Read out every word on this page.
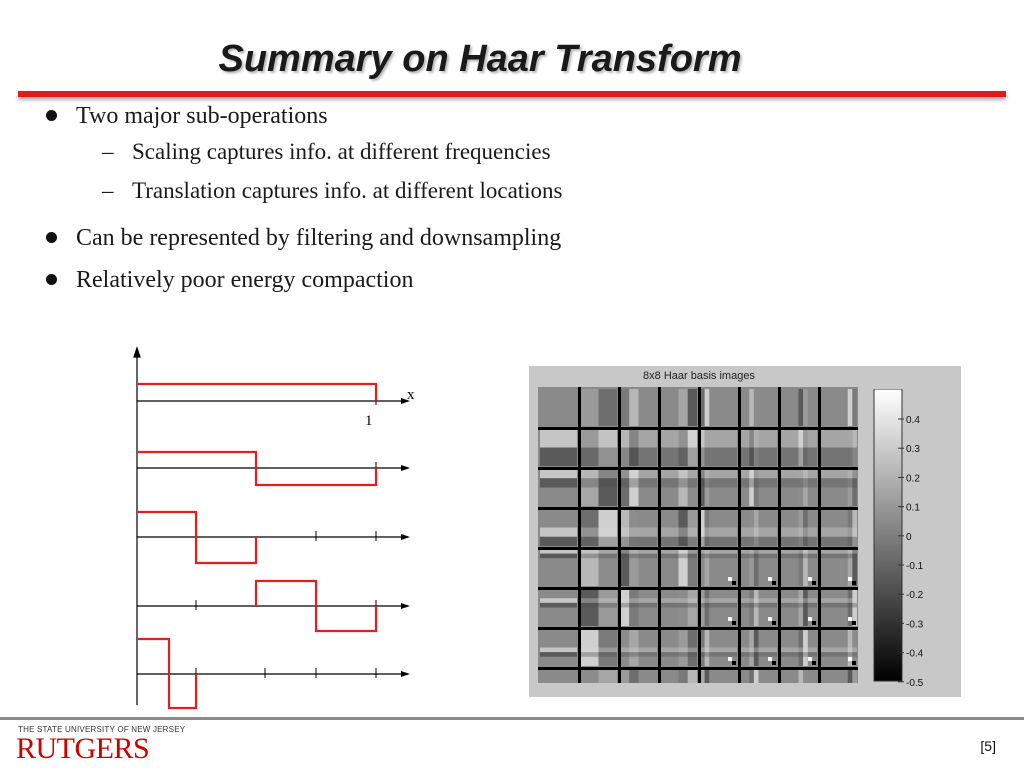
Summary on Haar Transform
Two major sub-operations
– Scaling captures info. at different frequencies
– Translation captures info. at different locations
Can be represented by filtering and downsampling
Relatively poor energy compaction
x
1
8x8 Haar basis images
0.4
0.3
0.2
0.1
0
-0.1
-0.2
-0.3
-0.4
-0.5
THE STATE UNIVERSITY OF NEW JERSEY
RUTGERS	[5]
